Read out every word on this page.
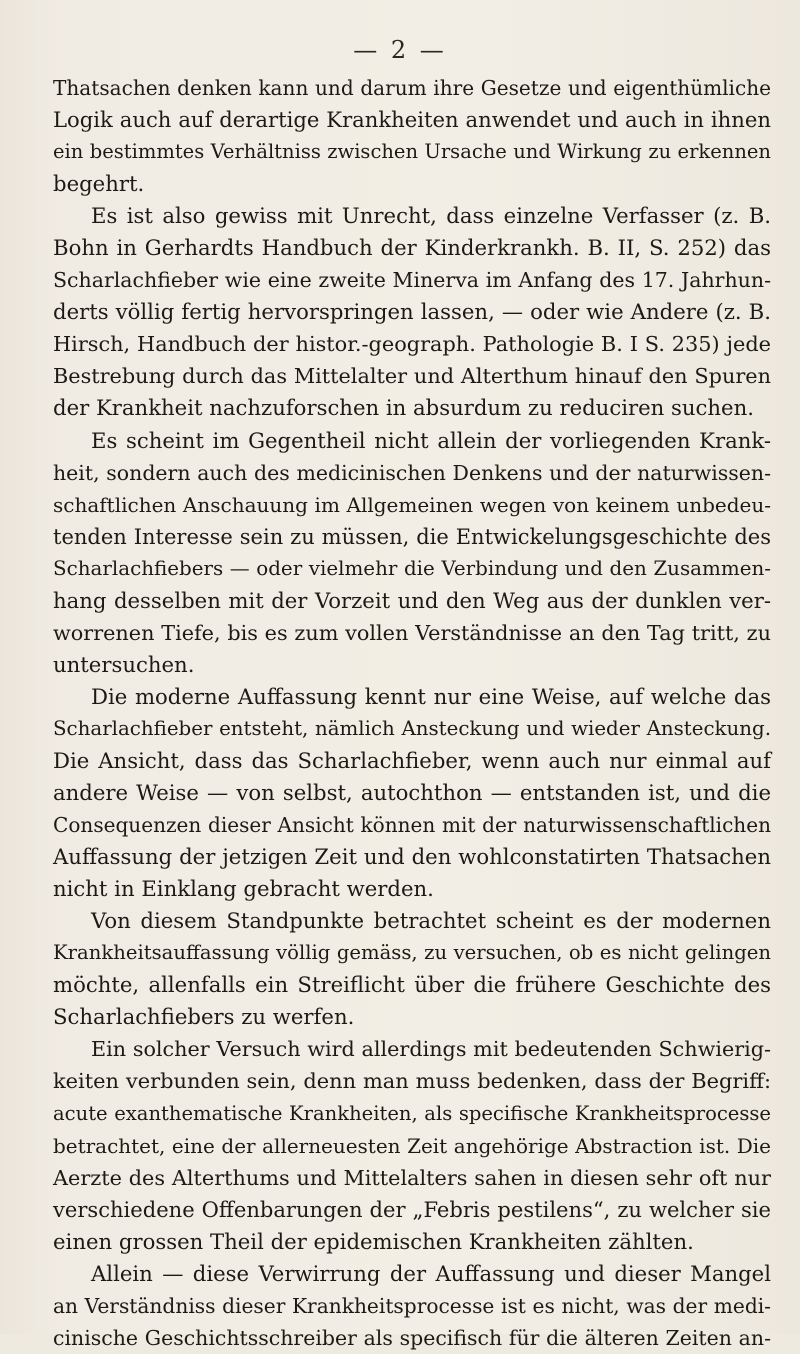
— 2 —
Thatsachen denken kann und darum ihre Gesetze und eigenthümliche
Logik auch auf derartige Krankheiten anwendet und auch in ihnen
ein bestimmtes Verhältniss zwischen Ursache und Wirkung zu erkennen
begehrt.
Es ist also gewiss mit Unrecht, dass einzelne Verfasser (z. B.
Bohn in Gerhardts Handbuch der Kinderkrankh. B. II, S. 252) das
Scharlachfieber wie eine zweite Minerva im Anfang des 17. Jahrhun-
derts völlig fertig hervorspringen lassen, — oder wie Andere (z. B.
Hirsch, Handbuch der histor.-geograph. Pathologie B. I S. 235) jede
Bestrebung durch das Mittelalter und Alterthum hinauf den Spuren
der Krankheit nachzuforschen in absurdum zu reduciren suchen.
Es scheint im Gegentheil nicht allein der vorliegenden Krank-
heit, sondern auch des medicinischen Denkens und der naturwissen-
schaftlichen Anschauung im Allgemeinen wegen von keinem unbedeu-
tenden Interesse sein zu müssen, die Entwickelungsgeschichte des
Scharlachfiebers — oder vielmehr die Verbindung und den Zusammen-
hang desselben mit der Vorzeit und den Weg aus der dunklen ver-
worrenen Tiefe, bis es zum vollen Verständnisse an den Tag tritt, zu
untersuchen.
Die moderne Auffassung kennt nur eine Weise, auf welche das
Scharlachfieber entsteht, nämlich Ansteckung und wieder Ansteckung.
Die Ansicht, dass das Scharlachfieber, wenn auch nur einmal auf
andere Weise — von selbst, autochthon — entstanden ist, und die
Consequenzen dieser Ansicht können mit der naturwissenschaftlichen
Auffassung der jetzigen Zeit und den wohlconstatirten Thatsachen
nicht in Einklang gebracht werden.
Von diesem Standpunkte betrachtet scheint es der modernen
Krankheitsauffassung völlig gemäss, zu versuchen, ob es nicht gelingen
möchte, allenfalls ein Streiflicht über die frühere Geschichte des
Scharlachfiebers zu werfen.
Ein solcher Versuch wird allerdings mit bedeutenden Schwierig-
keiten verbunden sein, denn man muss bedenken, dass der Begriff:
acute exanthematische Krankheiten, als specifische Krankheitsprocesse
betrachtet, eine der allerneuesten Zeit angehörige Abstraction ist. Die
Aerzte des Alterthums und Mittelalters sahen in diesen sehr oft nur
verschiedene Offenbarungen der „Febris pestilens“, zu welcher sie
einen grossen Theil der epidemischen Krankheiten zählten.
Allein — diese Verwirrung der Auffassung und dieser Mangel
an Verständniss dieser Krankheitsprocesse ist es nicht, was der medi-
cinische Geschichtsschreiber als specifisch für die älteren Zeiten an-
